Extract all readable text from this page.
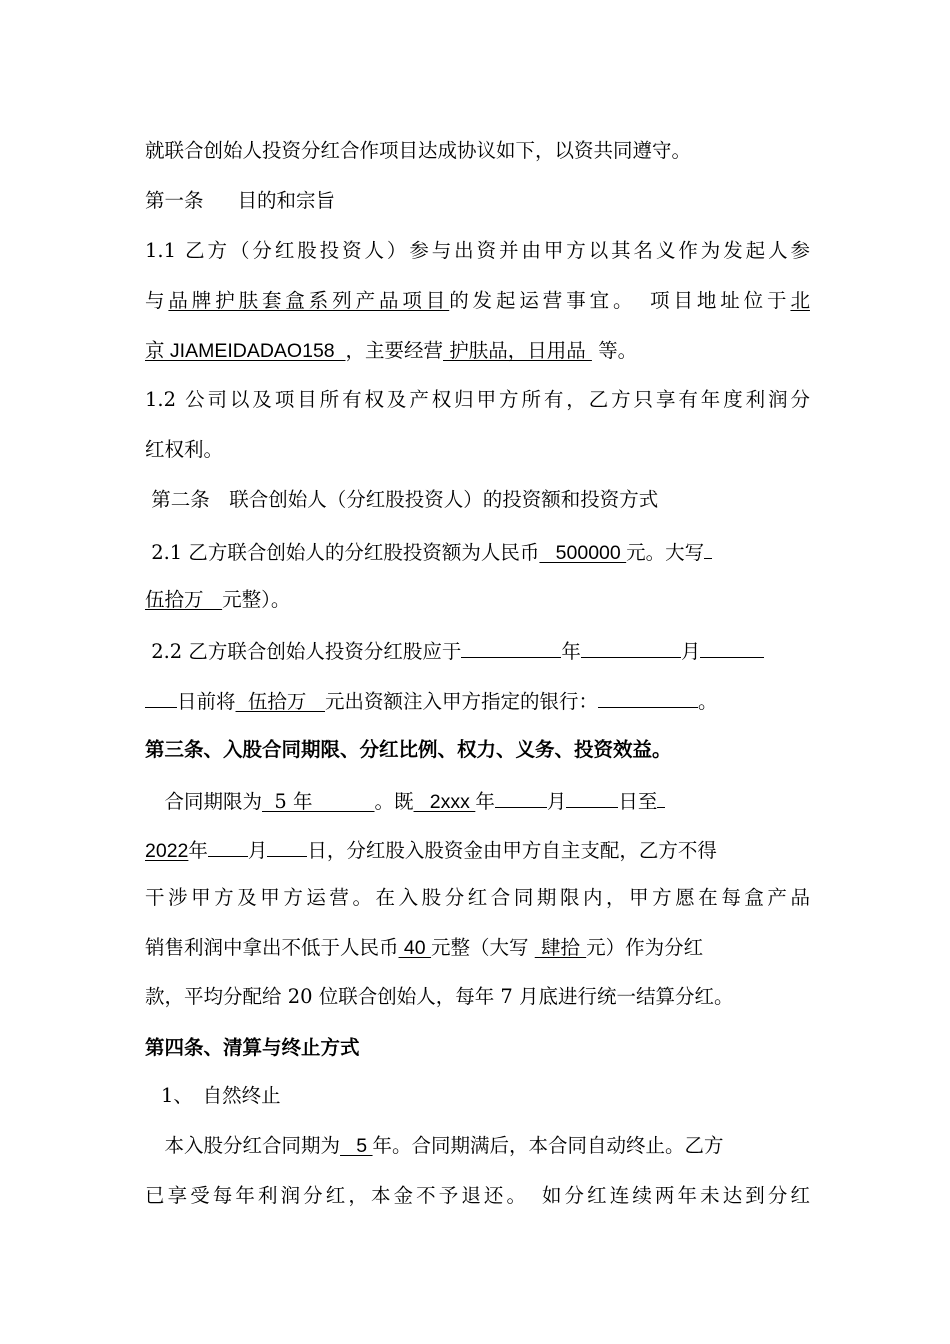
就联合创始人投资分红合作项目达成协议如下，以资共同遵守。
第一条 目的和宗旨
1.1 乙方（分红股投资人）参与出资并由甲方以其名义作为发起人参
与品牌护肤套盒系列产品项目的发起运营事宜。　项目地址位于北
京 JIAMEIDADAO158  ，主要经营 护肤品，日用品  等。
1.2 公司以及项目所有权及产权归甲方所有，乙方只享有年度利润分
红权利。
第二条　联合创始人（分红股投资人）的投资额和投资方式
2.1 乙方联合创始人的分红股投资额为人民币   500000 元。大写
伍拾万   元整）。
2.2 乙方联合创始人投资分红股应于	年	月
日前将  伍拾万   元出资额注入甲方指定的银行：	。
第三条、入股合同期限、分红比例、权力、义务、投资效益。
　合同期限为  5 年          。既   2xxx 年	月	日至
2022年 月 日，分红股入股资金由甲方自主支配，乙方不得
干涉甲方及甲方运营。在入股分红合同期限内，甲方愿在每盒产品
销售利润中拿出不低于人民币 40 元整（大写  肆拾 元）作为分红
款，平均分配给 20 位联合创始人，每年 7 月底进行统一结算分红。
第四条、清算与终止方式
1、　自然终止
　本入股分红合同期为   5 年。合同期满后，本合同自动终止。乙方
已享受每年利润分红，本金不予退还。　如分红连续两年未达到分红
